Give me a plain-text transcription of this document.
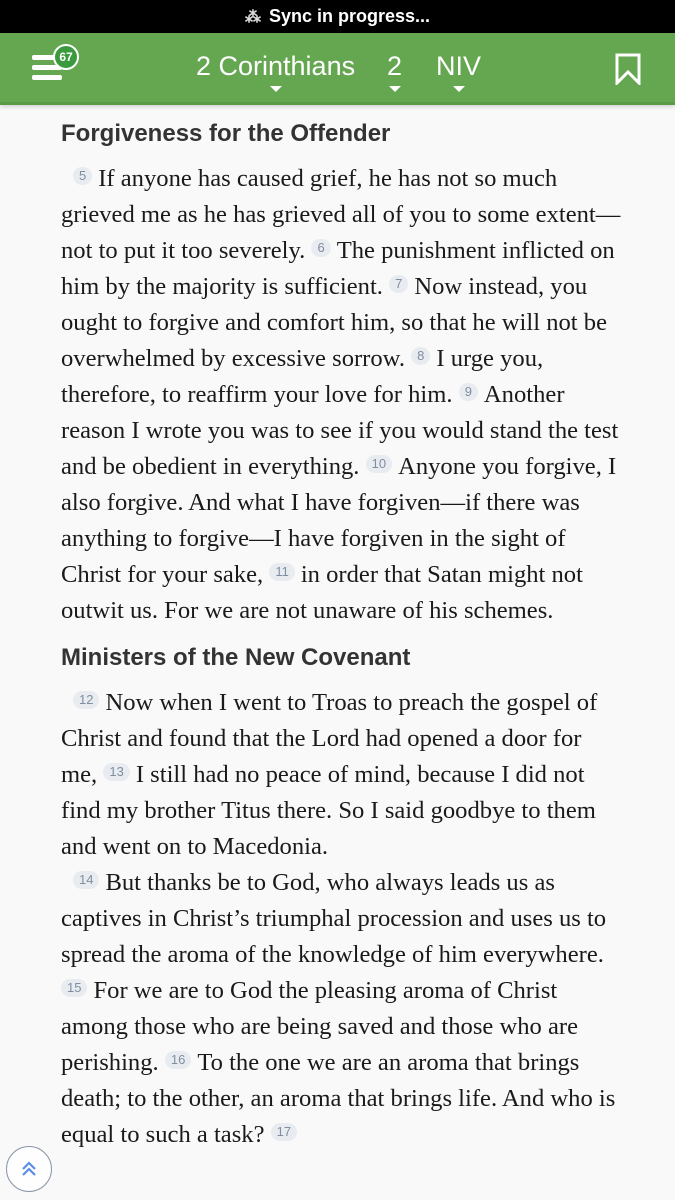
⁂ Sync in progress...
67	2 Corinthians 2 NIV
Forgiveness for the Offender

5 If anyone has caused grief, he has not so much grieved me as he has grieved all of you to some extent—not to put it too severely. 6 The punishment inflicted on him by the majority is sufficient. 7 Now instead, you ought to forgive and comfort him, so that he will not be overwhelmed by excessive sorrow. 8 I urge you, therefore, to reaffirm your love for him. 9 Another reason I wrote you was to see if you would stand the test and be obedient in everything. 10 Anyone you forgive, I also forgive. And what I have forgiven—if there was anything to forgive—I have forgiven in the sight of Christ for your sake, 11 in order that Satan might not outwit us. For we are not unaware of his schemes.

Ministers of the New Covenant

12 Now when I went to Troas to preach the gospel of Christ and found that the Lord had opened a door for me, 13 I still had no peace of mind, because I did not find my brother Titus there. So I said goodbye to them and went on to Macedonia.

14 But thanks be to God, who always leads us as captives in Christ’s triumphal procession and uses us to spread the aroma of the knowledge of him everywhere. 15 For we are to God the pleasing aroma of Christ among those who are being saved and those who are perishing. 16 To the one we are an aroma that brings death; to the other, an aroma that brings life. And who is equal to such a task? 17
